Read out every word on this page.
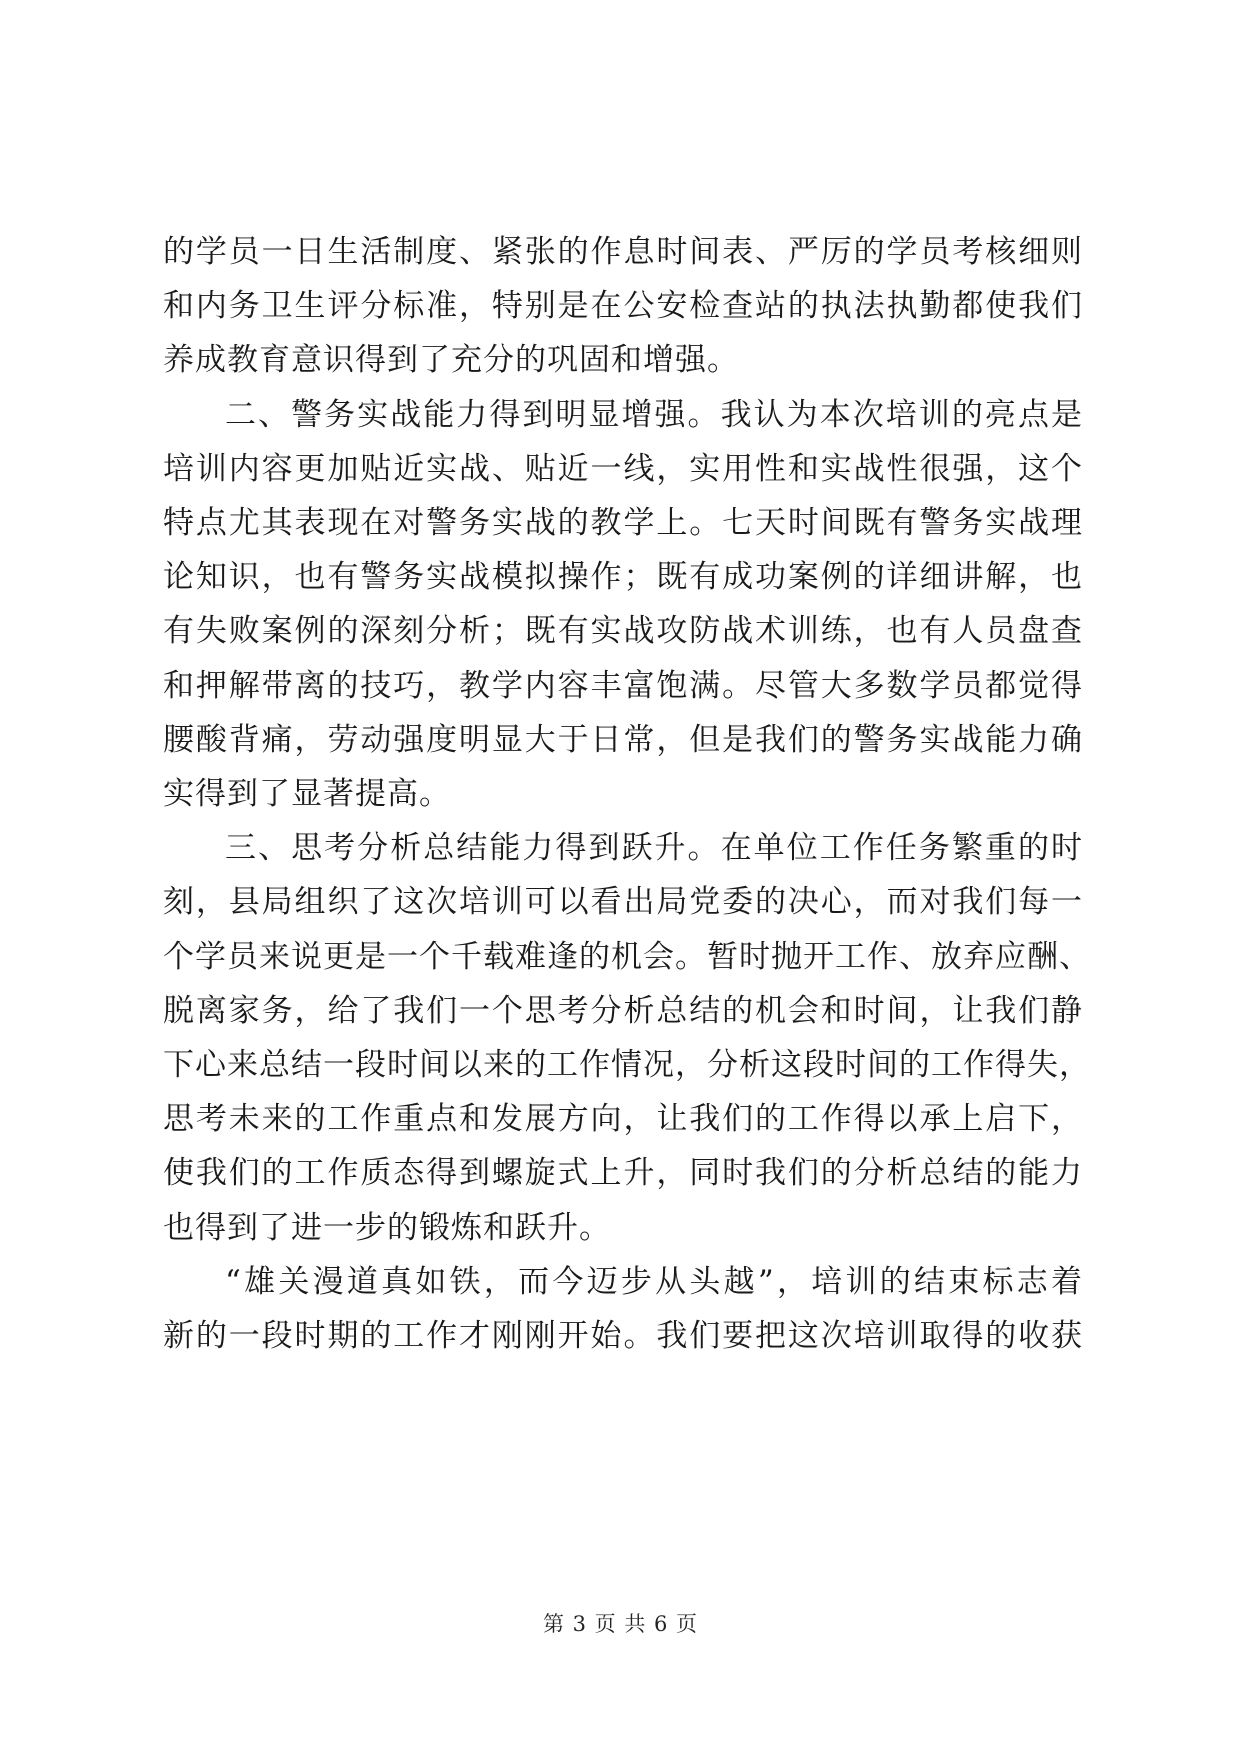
的学员一日生活制度、紧张的作息时间表、严厉的学员考核细则
和内务卫生评分标准，特别是在公安检查站的执法执勤都使我们
养成教育意识得到了充分的巩固和增强。

二、警务实战能力得到明显增强。我认为本次培训的亮点是
培训内容更加贴近实战、贴近一线，实用性和实战性很强，这个
特点尤其表现在对警务实战的教学上。七天时间既有警务实战理
论知识，也有警务实战模拟操作；既有成功案例的详细讲解，也
有失败案例的深刻分析；既有实战攻防战术训练，也有人员盘查
和押解带离的技巧，教学内容丰富饱满。尽管大多数学员都觉得
腰酸背痛，劳动强度明显大于日常，但是我们的警务实战能力确
实得到了显著提高。

三、思考分析总结能力得到跃升。在单位工作任务繁重的时
刻，县局组织了这次培训可以看出局党委的决心，而对我们每一
个学员来说更是一个千载难逢的机会。暂时抛开工作、放弃应酬、
脱离家务，给了我们一个思考分析总结的机会和时间，让我们静
下心来总结一段时间以来的工作情况，分析这段时间的工作得失，
思考未来的工作重点和发展方向，让我们的工作得以承上启下，
使我们的工作质态得到螺旋式上升，同时我们的分析总结的能力
也得到了进一步的锻炼和跃升。

“雄关漫道真如铁，而今迈步从头越”，培训的结束标志着
新的一段时期的工作才刚刚开始。我们要把这次培训取得的收获

第 3 页 共 6 页
